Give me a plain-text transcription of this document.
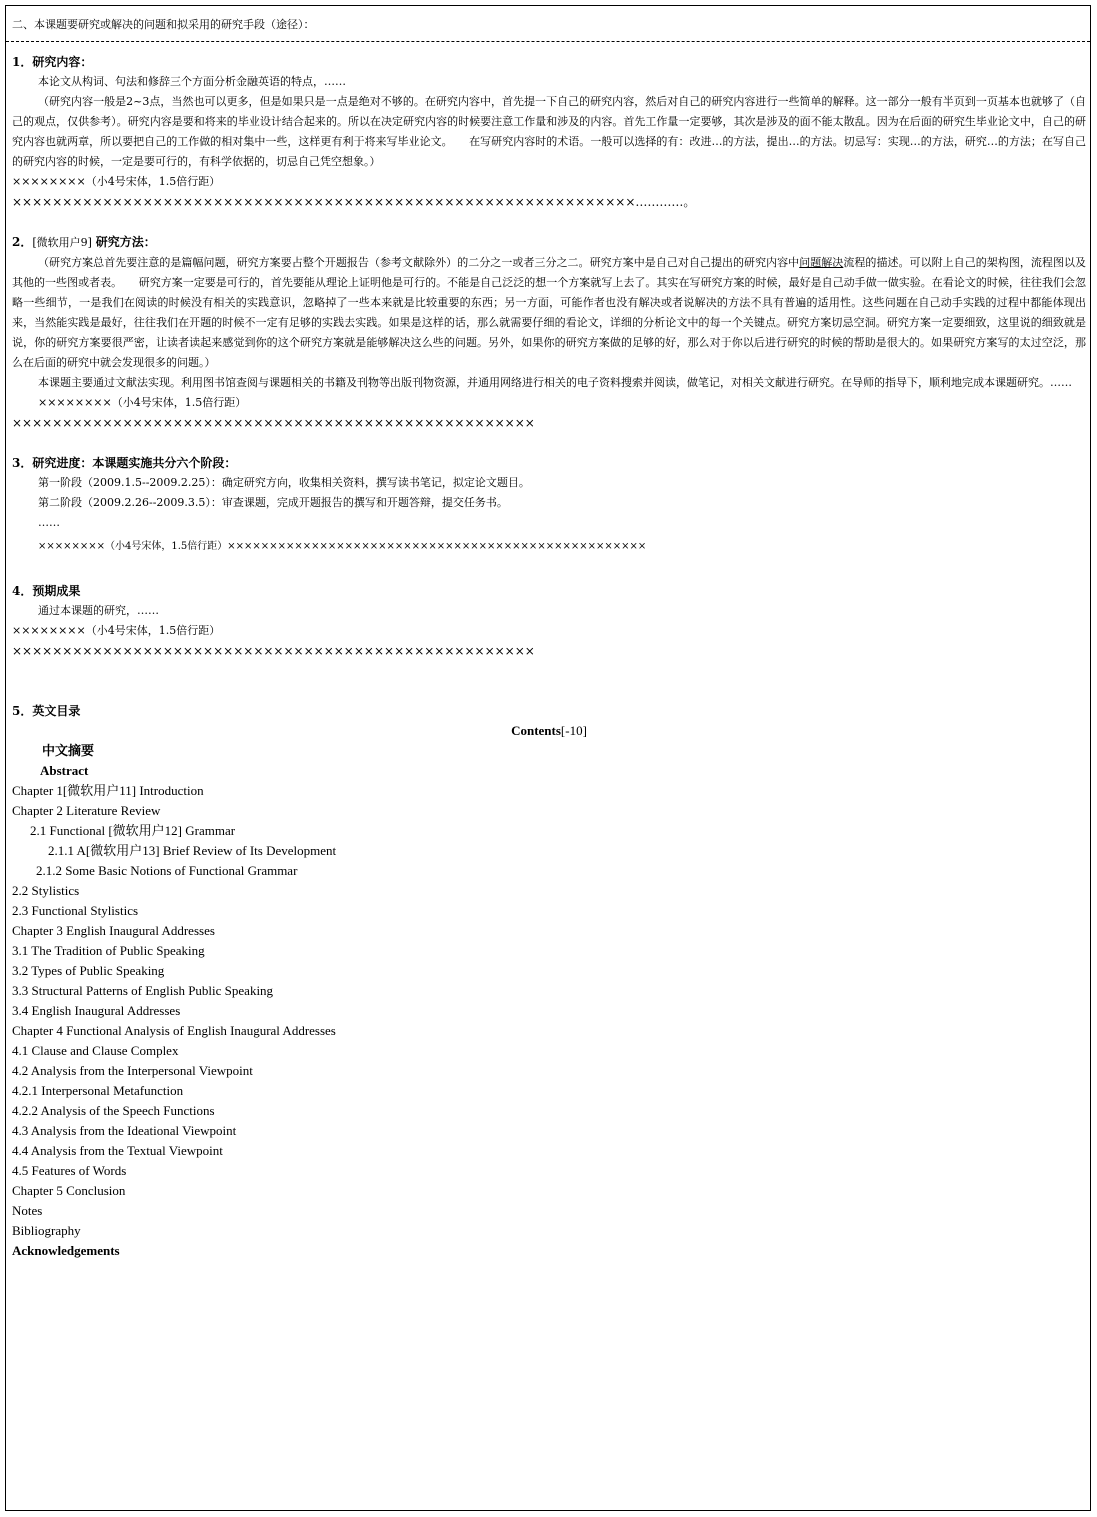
二、本课题要研究或解决的问题和拟采用的研究手段（途径）：
1．研究内容：
本论文从构词、句法和修辞三个方面分析金融英语的特点，……
（研究内容一般是2~3点，当然也可以更多，但是如果只是一点是绝对不够的。在研究内容中，首先提一下自己的研究内容，然后对自己的研究内容进行一些简单的解释。这一部分一般有半页到一页基本也就够了（自己的观点，仅供参考）。研究内容是要和将来的毕业设计结合起来的。所以在决定研究内容的时候要注意工作量和涉及的内容。首先工作量一定要够，其次是涉及的面不能太散乱。因为在后面的研究生毕业论文中，自己的研究内容也就两章，所以要把自己的工作做的相对集中一些，这样更有利于将来写毕业论文。　　在写研究内容时的术语。一般可以选择的有：改进…的方法，提出…的方法。切忌写：实现…的方法，研究…的方法；在写自己的研究内容的时候，一定是要可行的，有科学依据的，切忌自己凭空想象。）
××××××××（小4号宋体，1.5倍行距）
××××××××××××××××××××××××××××××××××××××××××××××××××××××××××××××…………。
2．[微软用户9] 研究方法：
（研究方案总首先要注意的是篇幅问题，研究方案要占整个开题报告（参考文献除外）的二分之一或者三分之二。研究方案中是自己对自己提出的研究内容中问题解决流程的描述。可以附上自己的架构图，流程图以及其他的一些图或者表。　　研究方案一定要是可行的，首先要能从理论上证明他是可行的。不能是自己泛泛的想一个方案就写上去了。其实在写研究方案的时候，最好是自己动手做一做实验。在看论文的时候，往往我们会忽略一些细节，一是我们在阅读的时候没有相关的实践意识，忽略掉了一些本来就是比较重要的东西；另一方面，可能作者也没有解决或者说解决的方法不具有普遍的适用性。这些问题在自己动手实践的过程中都能体现出来，当然能实践是最好，往往我们在开题的时候不一定有足够的实践去实践。如果是这样的话，那么就需要仔细的看论文，详细的分析论文中的每一个关键点。研究方案切忌空洞。研究方案一定要细致，这里说的细致就是说，你的研究方案要很严密，让读者读起来感觉到你的这个研究方案就是能够解决这么些的问题。另外，如果你的研究方案做的足够的好，那么对于你以后进行研究的时候的帮助是很大的。如果研究方案写的太过空泛，那么在后面的研究中就会发现很多的问题。）
本课题主要通过文献法实现。利用图书馆查阅与课题相关的书籍及刊物等出版刊物资源，并通用网络进行相关的电子资料搜索并阅读，做笔记，对相关文献进行研究。在导师的指导下，顺利地完成本课题研究。……
××××××××（小4号宋体，1.5倍行距）
××××××××××××××××××××××××××××××××××××××××××××××××××××
3．研究进度：本课题实施共分六个阶段：
第一阶段（2009.1.5--2009.2.25）：确定研究方向，收集相关资料，撰写读书笔记，拟定论文题目。
第二阶段（2009.2.26--2009.3.5）：审查课题，完成开题报告的撰写和开题答辩，提交任务书。
……
××××××××（小4号宋体，1.5倍行距）××××××××××××××××××××××××××××××××××××××××××××××××××
4．预期成果
通过本课题的研究，……
××××××××（小4号宋体，1.5倍行距）
××××××××××××××××××××××××××××××××××××××××××××××××××××
5．英文目录
Contents[-10]
中文摘要
Abstract
Chapter 1[微软用户11] Introduction
Chapter 2 Literature Review
2.1 Functional [微软用户12] Grammar
2.1.1 A[微软用户13] Brief Review of Its Development
2.1.2 Some Basic Notions of Functional Grammar
2.2 Stylistics
2.3 Functional Stylistics
Chapter 3 English Inaugural Addresses
3.1 The Tradition of Public Speaking
3.2 Types of Public Speaking
3.3 Structural Patterns of English Public Speaking
3.4 English Inaugural Addresses
Chapter 4 Functional Analysis of English Inaugural Addresses
4.1 Clause and Clause Complex
4.2 Analysis from the Interpersonal Viewpoint
4.2.1 Interpersonal Metafunction
4.2.2 Analysis of the Speech Functions
4.3 Analysis from the Ideational Viewpoint
4.4 Analysis from the Textual Viewpoint
4.5 Features of Words
Chapter 5 Conclusion
Notes
Bibliography
Acknowledgements
